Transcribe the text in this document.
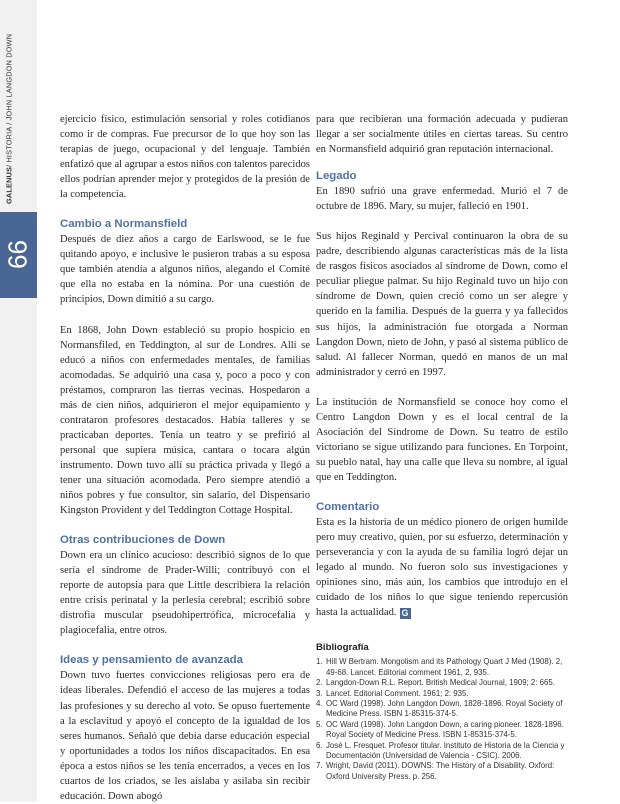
GALENUS
/ HISTORIA / JOHN LANGDON DOWN
66

ejercicio físico, estimulación sensorial y roles cotidianos como ir de compras. Fue precursor de lo que hoy son las terapias de juego, ocupacional y del lenguaje. También enfatizó que al agrupar a estos niños con talentos parecidos ellos podrían aprender mejor y protegidos de la presión de la competencia.

Cambio a Normansfield

Después de diez años a cargo de Earlswood, se le fue quitando apoyo, e inclusive le pusieron trabas a su esposa que también atendía a algunos niños, alegando el Comité que ella no estaba en la nómina. Por una cuestión de principios, Down dimitió a su cargo.

En 1868, John Down estableció su propio hospicio en Normansfiled, en Teddington, al sur de Londres. Allí se educó a niños con enfermedades mentales, de familias acomodadas. Se adquirió una casa y, poco a poco y con préstamos, compraron las tierras vecinas. Hospedaron a más de cien niños, adquirieron el mejor equipamiento y contrataron profesores destacados. Había talleres y se practicaban deportes. Tenía un teatro y se prefirió al personal que supiera música, cantara o tocara algún instrumento. Down tuvo allí su práctica privada y llegó a tener una situación acomodada. Pero siempre atendió a niños pobres y fue consultor, sin salario, del Dispensario Kingston Provident y del Teddington Cottage Hospital.

Otras contribuciones de Down

Down era un clínico acucioso: describió signos de lo que sería el síndrome de Prader-Willi; contribuyó con el reporte de autopsia para que Little describiera la relación entre crisis perinatal y la perlesía cerebral; escribió sobre distrofia muscular pseudohipertrófica, microcefalia y plagiocefalia, entre otros.

Ideas y pensamiento de avanzada

Down tuvo fuertes convicciones religiosas pero era de ideas liberales. Defendió el acceso de las mujeres a todas las profesiones y su derecho al voto. Se opuso fuertemente a la esclavitud y apoyó el concepto de la igualdad de los seres humanos. Señaló que debía darse educación especial y oportunidades a todos los niños discapacitados. En esa época a estos niños se les tenía encerrados, a veces en los cuartos de los criados, se les aislaba y asilaba sin recibir educación. Down abogó

para que recibieran una formación adecuada y pudieran llegar a ser socialmente útiles en ciertas tareas. Su centro en Normansfield adquirió gran reputación internacional.

Legado

En 1890 sufrió una grave enfermedad. Murió el 7 de octubre de 1896. Mary, su mujer, falleció en 1901.

Sus hijos Reginald y Percival continuaron la obra de su padre, describiendo algunas características más de la lista de rasgos físicos asociados al síndrome de Down, como el peculiar pliegue palmar. Su hijo Reginald tuvo un hijo con síndrome de Down, quien creció como un ser alegre y querido en la familia. Después de la guerra y ya fallecidos sus hijos, la administración fue otorgada a Norman Langdon Down, nieto de John, y pasó al sistema público de salud. Al fallecer Norman, quedó en manos de un mal administrador y cerró en 1997.

La institución de Normansfield se conoce hoy como el Centro Langdon Down y es el local central de la Asociación del Síndrome de Down. Su teatro de estilo victoriano se sigue utilizando para funciones. En Torpoint, su pueblo natal, hay una calle que lleva su nombre, al igual que en Teddington.

Comentario

Esta es la historia de un médico pionero de origen humilde pero muy creativo, quien, por su esfuerzo, determinación y perseverancia y con la ayuda de su familia logró dejar un legado al mundo. No fueron solo sus investigaciones y opiniones sino, más aún, los cambios que introdujo en el cuidado de los niños lo que sigue teniendo repercusión hasta la actualidad. G

Bibliografía
1. Hill W Bertram. Mongolism and its Pathology Quart J Med (1908). 2, 49-68. Lancet. Editorial comment 1961, 2, 935.
2. Langdon-Down R.L. Report. British Medical Journal, 1909; 2: 665.
3. Lancet. Editorial Comment. 1961; 2: 935.
4. OC Ward (1998). John Langdon Down, 1828-1896. Royal Society of Medicine Press. ISBN 1-85315-374-5.
5. OC Ward (1998). John Langdon Down, a caring pioneer. 1828-1896. Royal Society of Medicine Press. ISBN 1-85315-374-5.
6. José L. Fresquet. Profesor titular. Instituto de Historia de la Ciencia y Documentación (Universidad de Valencia - CSIC). 2006.
7. Wright, David (2011). DOWNS: The History of a Disability. Oxford: Oxford University Press. p. 256.
